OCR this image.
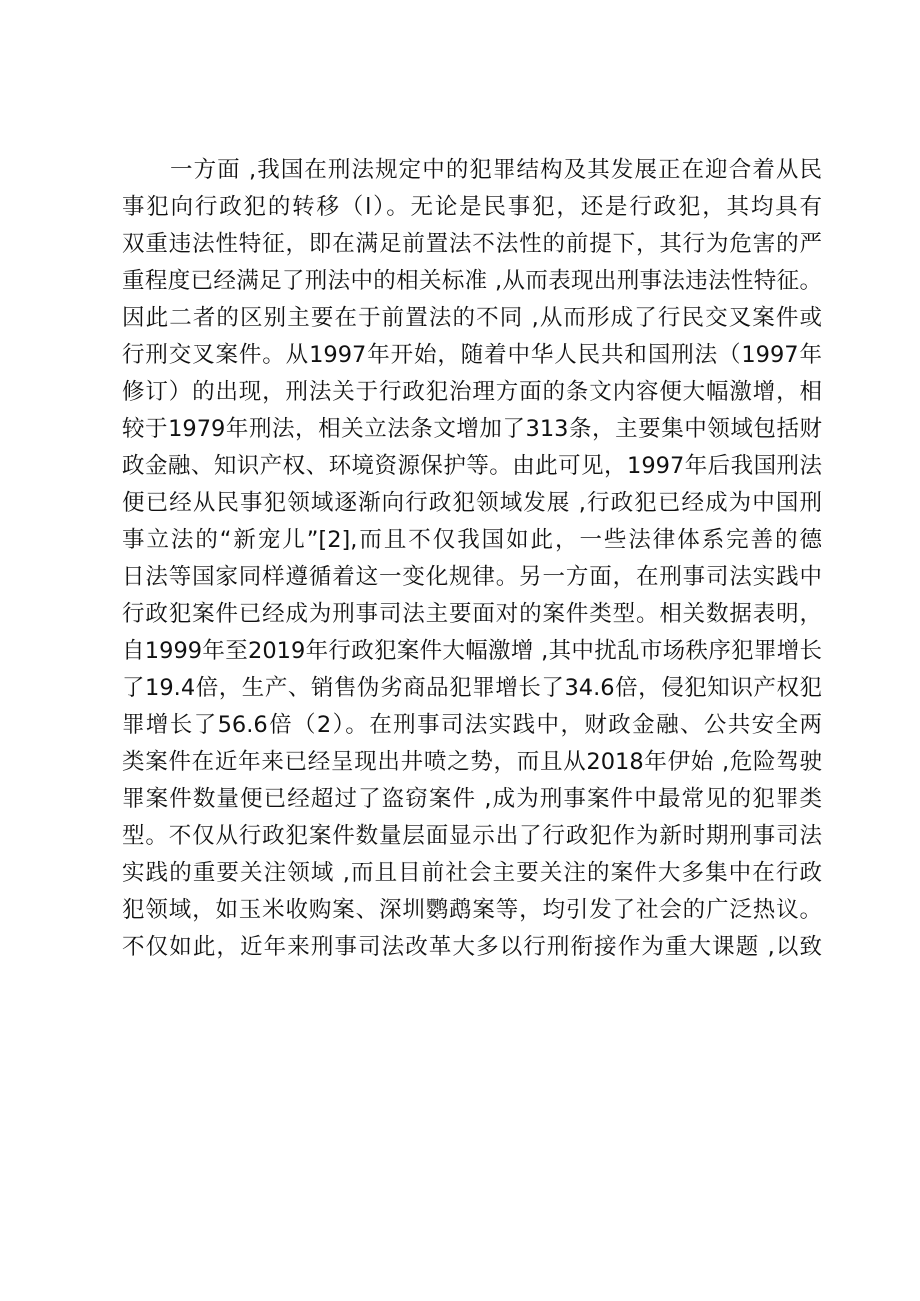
一方面 ,我国在刑法规定中的犯罪结构及其发展正在迎合着从民
事犯向行政犯的转移（l）。无论是民事犯，还是行政犯，其均具有
双重违法性特征，即在满足前置法不法性的前提下，其行为危害的严
重程度已经满足了刑法中的相关标准 ,从而表现出刑事法违法性特征。
因此二者的区别主要在于前置法的不同 ,从而形成了行民交叉案件或
行刑交叉案件。从1997年开始，随着中华人民共和国刑法（1997年
修订）的出现，刑法关于行政犯治理方面的条文内容便大幅激增，相
较于1979年刑法，相关立法条文增加了313条，主要集中领域包括财
政金融、知识产权、环境资源保护等。由此可见，1997年后我国刑法
便已经从民事犯领域逐渐向行政犯领域发展 ,行政犯已经成为中国刑
事立法的“新宠儿”[2],而且不仅我国如此，一些法律体系完善的德
日法等国家同样遵循着这一变化规律。另一方面，在刑事司法实践中
行政犯案件已经成为刑事司法主要面对的案件类型。相关数据表明，
自1999年至2019年行政犯案件大幅激增 ,其中扰乱市场秩序犯罪增长
了19.4倍，生产、销售伪劣商品犯罪增长了34.6倍，侵犯知识产权犯
罪增长了56.6倍（2）。在刑事司法实践中，财政金融、公共安全两
类案件在近年来已经呈现出井喷之势，而且从2018年伊始 ,危险驾驶
罪案件数量便已经超过了盗窃案件 ,成为刑事案件中最常见的犯罪类
型。不仅从行政犯案件数量层面显示出了行政犯作为新时期刑事司法
实践的重要关注领域 ,而且目前社会主要关注的案件大多集中在行政
犯领域，如玉米收购案、深圳鹦鹉案等，均引发了社会的广泛热议。
不仅如此，近年来刑事司法改革大多以行刑衔接作为重大课题 ,以致
